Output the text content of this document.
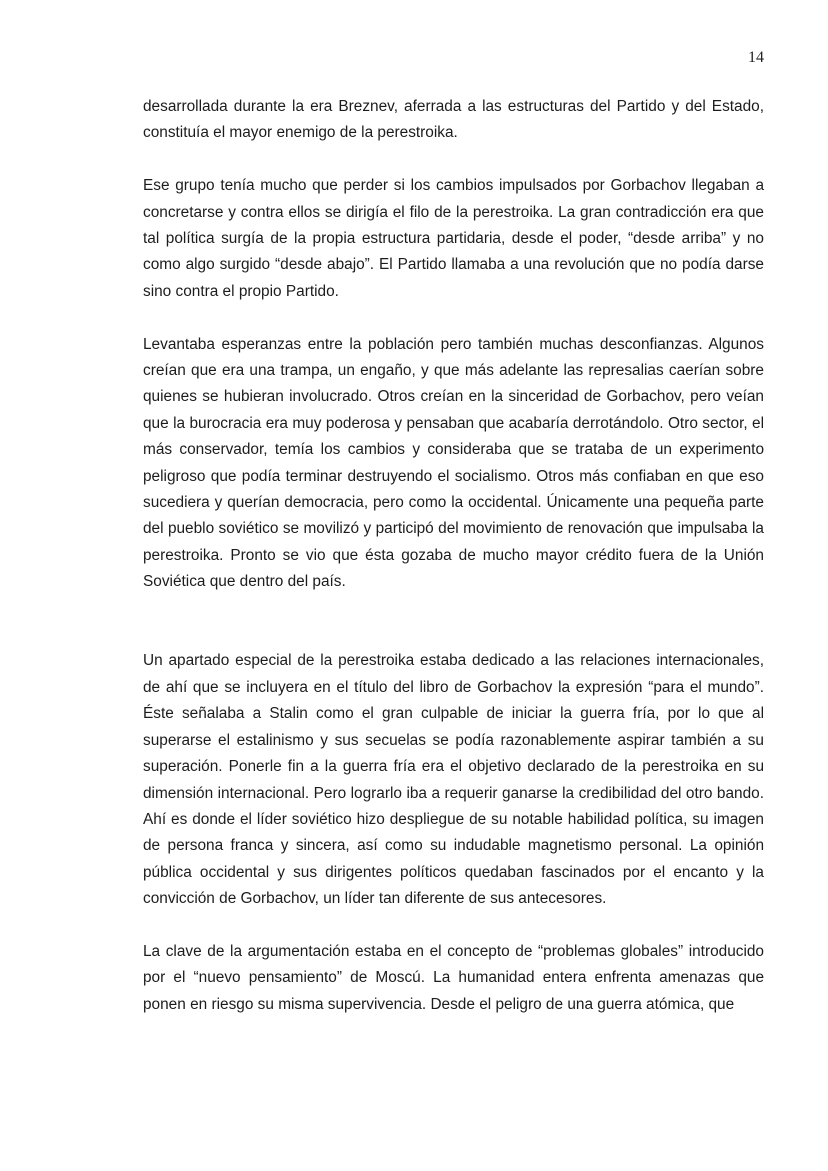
14

desarrollada durante la era Breznev, aferrada a las estructuras del Partido y del Estado, constituía el mayor enemigo de la perestroika.

Ese grupo tenía mucho que perder si los cambios impulsados por Gorbachov llegaban a concretarse y contra ellos se dirigía el filo de la perestroika. La gran contradicción era que tal política surgía de la propia estructura partidaria, desde el poder, “desde arriba” y no como algo surgido “desde abajo”. El Partido llamaba a una revolución que no podía darse sino contra el propio Partido.

Levantaba esperanzas entre la población pero también muchas desconfianzas. Algunos creían que era una trampa, un engaño, y que más adelante las represalias caerían sobre quienes se hubieran involucrado. Otros creían en la sinceridad de Gorbachov, pero veían que la burocracia era muy poderosa y pensaban que acabaría derrotándolo. Otro sector, el más conservador, temía los cambios y consideraba que se trataba de un experimento peligroso que podía terminar destruyendo el socialismo. Otros más confiaban en que eso sucediera y querían democracia, pero como la occidental. Únicamente una pequeña parte del pueblo soviético se movilizó y participó del movimiento de renovación que impulsaba la perestroika. Pronto se vio que ésta gozaba de mucho mayor crédito fuera de la Unión Soviética que dentro del país.

Un apartado especial de la perestroika estaba dedicado a las relaciones internacionales, de ahí que se incluyera en el título del libro de Gorbachov la expresión “para el mundo”. Éste señalaba a Stalin como el gran culpable de iniciar la guerra fría, por lo que al superarse el estalinismo y sus secuelas se podía razonablemente aspirar también a su superación. Ponerle fin a la guerra fría era el objetivo declarado de la perestroika en su dimensión internacional. Pero lograrlo iba a requerir ganarse la credibilidad del otro bando. Ahí es donde el líder soviético hizo despliegue de su notable habilidad política, su imagen de persona franca y sincera, así como su indudable magnetismo personal. La opinión pública occidental y sus dirigentes políticos quedaban fascinados por el encanto y la convicción de Gorbachov, un líder tan diferente de sus antecesores.

La clave de la argumentación estaba en el concepto de “problemas globales” introducido por el “nuevo pensamiento” de Moscú. La humanidad entera enfrenta amenazas que ponen en riesgo su misma supervivencia. Desde el peligro de una guerra atómica, que
